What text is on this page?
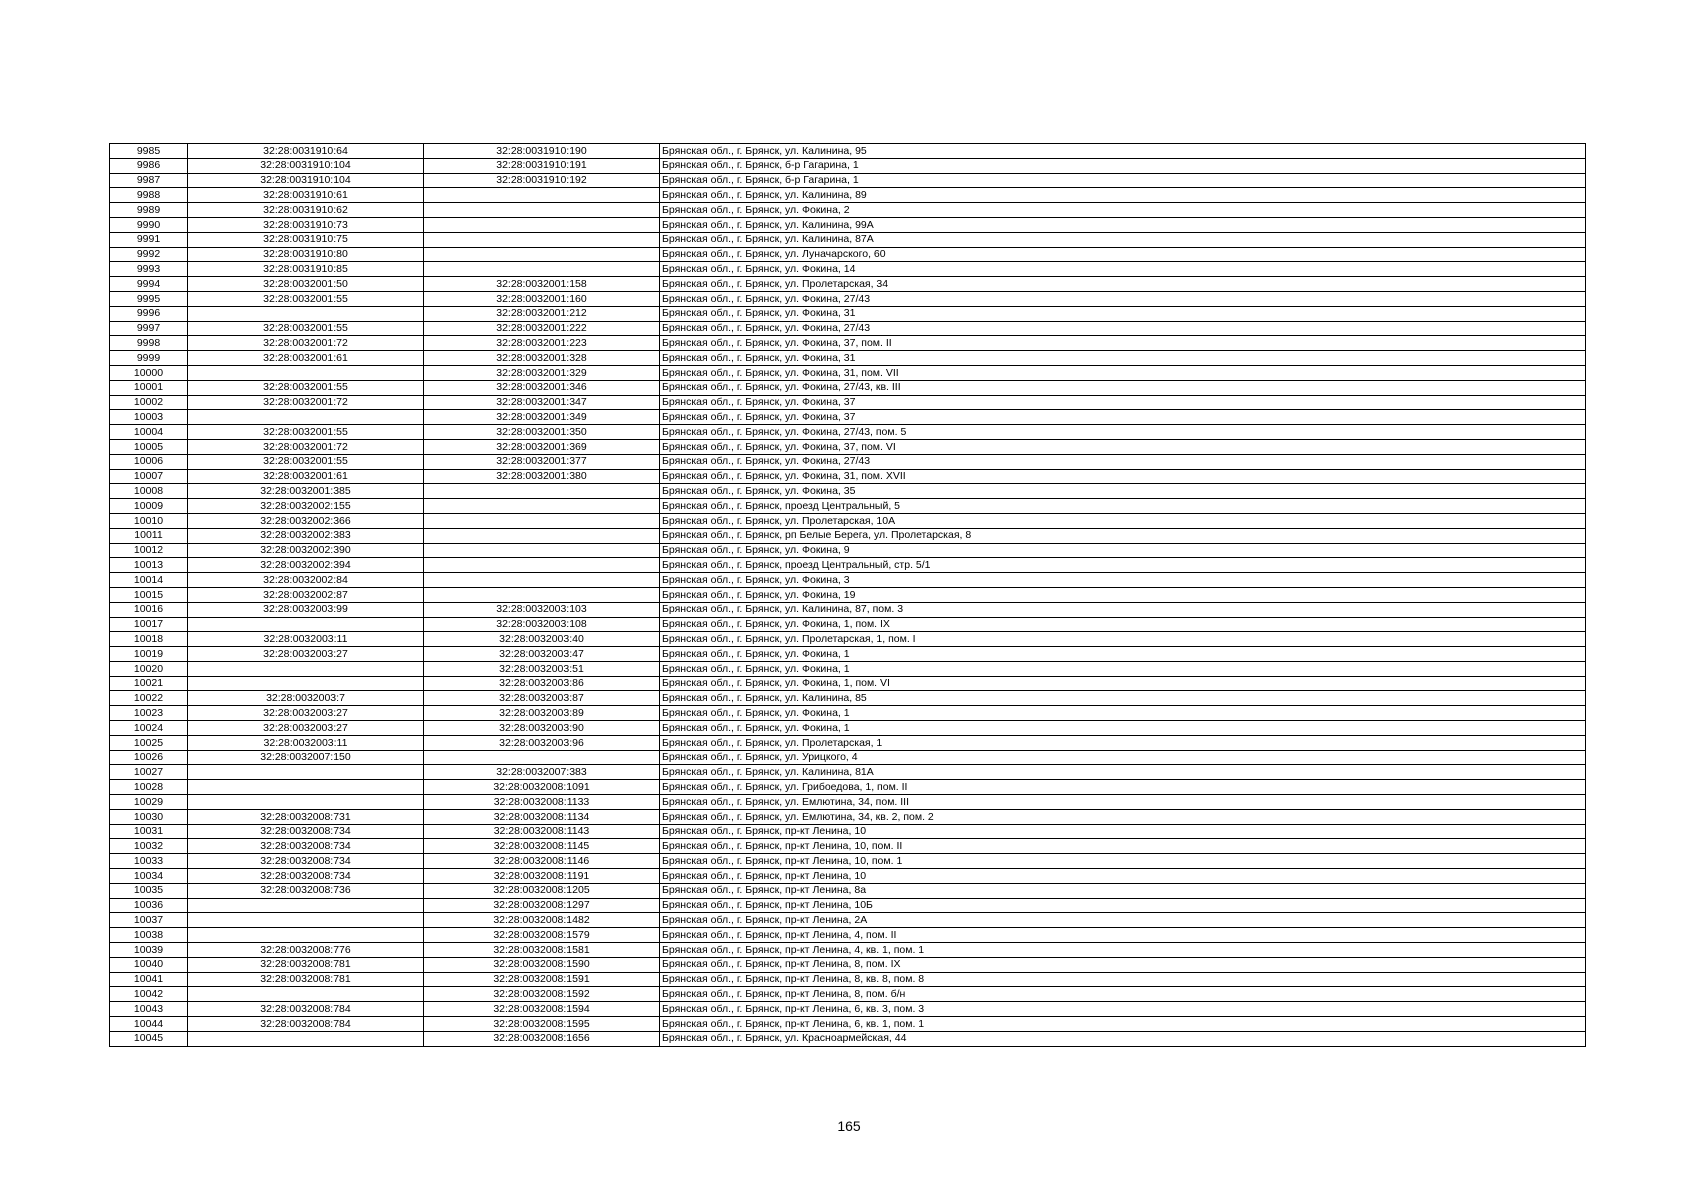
9985	32:28:0031910:64	32:28:0031910:190	Брянская обл., г. Брянск, ул. Калинина, 95
9986	32:28:0031910:104	32:28:0031910:191	Брянская обл., г. Брянск, б-р Гагарина, 1
9987	32:28:0031910:104	32:28:0031910:192	Брянская обл., г. Брянск, б-р Гагарина, 1
9988	32:28:0031910:61		Брянская обл., г. Брянск, ул. Калинина, 89
9989	32:28:0031910:62		Брянская обл., г. Брянск, ул. Фокина, 2
9990	32:28:0031910:73		Брянская обл., г. Брянск, ул. Калинина, 99А
9991	32:28:0031910:75		Брянская обл., г. Брянск, ул. Калинина, 87А
9992	32:28:0031910:80		Брянская обл., г. Брянск, ул. Луначарского, 60
9993	32:28:0031910:85		Брянская обл., г. Брянск, ул. Фокина, 14
9994	32:28:0032001:50	32:28:0032001:158	Брянская обл., г. Брянск, ул. Пролетарская, 34
9995	32:28:0032001:55	32:28:0032001:160	Брянская обл., г. Брянск, ул. Фокина, 27/43
9996		32:28:0032001:212	Брянская обл., г. Брянск, ул. Фокина, 31
9997	32:28:0032001:55	32:28:0032001:222	Брянская обл., г. Брянск, ул. Фокина, 27/43
9998	32:28:0032001:72	32:28:0032001:223	Брянская обл., г. Брянск, ул. Фокина, 37, пом. II
9999	32:28:0032001:61	32:28:0032001:328	Брянская обл., г. Брянск, ул. Фокина, 31
10000		32:28:0032001:329	Брянская обл., г. Брянск, ул. Фокина, 31, пом. VII
10001	32:28:0032001:55	32:28:0032001:346	Брянская обл., г. Брянск, ул. Фокина, 27/43, кв. III
10002	32:28:0032001:72	32:28:0032001:347	Брянская обл., г. Брянск, ул. Фокина, 37
10003		32:28:0032001:349	Брянская обл., г. Брянск, ул. Фокина, 37
10004	32:28:0032001:55	32:28:0032001:350	Брянская обл., г. Брянск, ул. Фокина, 27/43, пом. 5
10005	32:28:0032001:72	32:28:0032001:369	Брянская обл., г. Брянск, ул. Фокина, 37, пом. VI
10006	32:28:0032001:55	32:28:0032001:377	Брянская обл., г. Брянск, ул. Фокина, 27/43
10007	32:28:0032001:61	32:28:0032001:380	Брянская обл., г. Брянск, ул. Фокина, 31, пом. XVII
10008	32:28:0032001:385		Брянская обл., г. Брянск, ул. Фокина, 35
10009	32:28:0032002:155		Брянская обл., г. Брянск, проезд Центральный, 5
10010	32:28:0032002:366		Брянская обл., г. Брянск, ул. Пролетарская, 10А
10011	32:28:0032002:383		Брянская обл., г. Брянск, рп Белые Берега, ул. Пролетарская, 8
10012	32:28:0032002:390		Брянская обл., г. Брянск, ул. Фокина, 9
10013	32:28:0032002:394		Брянская обл., г. Брянск, проезд Центральный, стр. 5/1
10014	32:28:0032002:84		Брянская обл., г. Брянск, ул. Фокина, 3
10015	32:28:0032002:87		Брянская обл., г. Брянск, ул. Фокина, 19
10016	32:28:0032003:99	32:28:0032003:103	Брянская обл., г. Брянск, ул. Калинина, 87, пом. 3
10017		32:28:0032003:108	Брянская обл., г. Брянск, ул. Фокина, 1, пом. IX
10018	32:28:0032003:11	32:28:0032003:40	Брянская обл., г. Брянск, ул. Пролетарская, 1, пом. I
10019	32:28:0032003:27	32:28:0032003:47	Брянская обл., г. Брянск, ул. Фокина, 1
10020		32:28:0032003:51	Брянская обл., г. Брянск, ул. Фокина, 1
10021		32:28:0032003:86	Брянская обл., г. Брянск, ул. Фокина, 1, пом. VI
10022	32:28:0032003:7	32:28:0032003:87	Брянская обл., г. Брянск, ул. Калинина, 85
10023	32:28:0032003:27	32:28:0032003:89	Брянская обл., г. Брянск, ул. Фокина, 1
10024	32:28:0032003:27	32:28:0032003:90	Брянская обл., г. Брянск, ул. Фокина, 1
10025	32:28:0032003:11	32:28:0032003:96	Брянская обл., г. Брянск, ул. Пролетарская, 1
10026	32:28:0032007:150		Брянская обл., г. Брянск, ул. Урицкого, 4
10027		32:28:0032007:383	Брянская обл., г. Брянск, ул. Калинина, 81А
10028		32:28:0032008:1091	Брянская обл., г. Брянск, ул. Грибоедова, 1, пом. II
10029		32:28:0032008:1133	Брянская обл., г. Брянск, ул. Емлютина, 34, пом. III
10030	32:28:0032008:731	32:28:0032008:1134	Брянская обл., г. Брянск, ул. Емлютина, 34, кв. 2, пом. 2
10031	32:28:0032008:734	32:28:0032008:1143	Брянская обл., г. Брянск, пр-кт Ленина, 10
10032	32:28:0032008:734	32:28:0032008:1145	Брянская обл., г. Брянск, пр-кт Ленина, 10, пом. II
10033	32:28:0032008:734	32:28:0032008:1146	Брянская обл., г. Брянск, пр-кт Ленина, 10, пом. 1
10034	32:28:0032008:734	32:28:0032008:1191	Брянская обл., г. Брянск, пр-кт Ленина, 10
10035	32:28:0032008:736	32:28:0032008:1205	Брянская обл., г. Брянск, пр-кт Ленина, 8а
10036		32:28:0032008:1297	Брянская обл., г. Брянск, пр-кт Ленина, 10Б
10037		32:28:0032008:1482	Брянская обл., г. Брянск, пр-кт Ленина, 2А
10038		32:28:0032008:1579	Брянская обл., г. Брянск, пр-кт Ленина, 4, пом. II
10039	32:28:0032008:776	32:28:0032008:1581	Брянская обл., г. Брянск, пр-кт Ленина, 4, кв. 1, пом. 1
10040	32:28:0032008:781	32:28:0032008:1590	Брянская обл., г. Брянск, пр-кт Ленина, 8, пом. IX
10041	32:28:0032008:781	32:28:0032008:1591	Брянская обл., г. Брянск, пр-кт Ленина, 8, кв. 8, пом. 8
10042		32:28:0032008:1592	Брянская обл., г. Брянск, пр-кт Ленина, 8, пом. б/н
10043	32:28:0032008:784	32:28:0032008:1594	Брянская обл., г. Брянск, пр-кт Ленина, 6, кв. 3, пом. 3
10044	32:28:0032008:784	32:28:0032008:1595	Брянская обл., г. Брянск, пр-кт Ленина, 6, кв. 1, пом. 1
10045		32:28:0032008:1656	Брянская обл., г. Брянск, ул. Красноармейская, 44
165
